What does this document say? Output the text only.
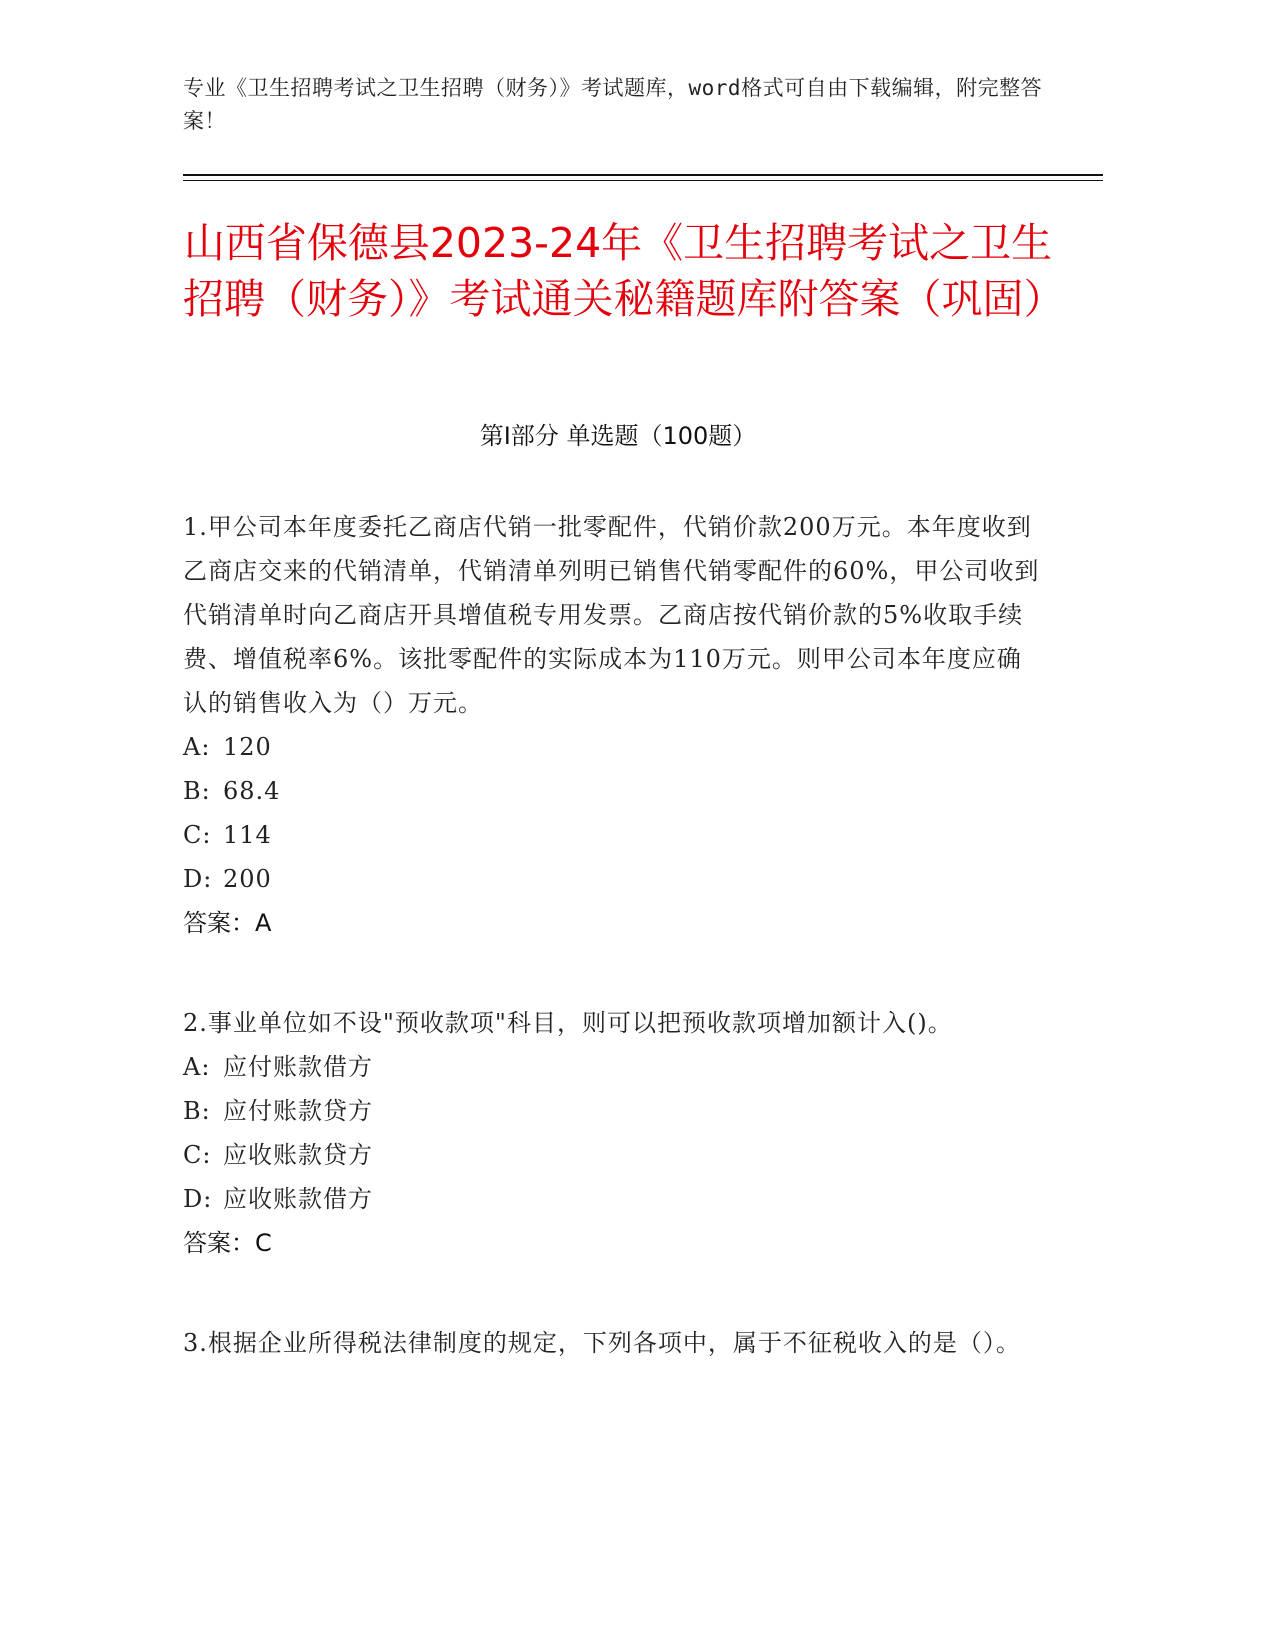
专业《卫生招聘考试之卫生招聘（财务）》考试题库，word格式可自由下载编辑，附完整答案！
山西省保德县2023-24年《卫生招聘考试之卫生招聘（财务）》考试通关秘籍题库附答案（巩固）
第Ⅰ部分 单选题（100题）

1.甲公司本年度委托乙商店代销一批零配件，代销价款200万元。本年度收到乙商店交来的代销清单，代销清单列明已销售代销零配件的60%，甲公司收到代销清单时向乙商店开具增值税专用发票。乙商店按代销价款的5%收取手续费、增值税率6%。该批零配件的实际成本为110万元。则甲公司本年度应确认的销售收入为（）万元。

A: 120

B: 68.4

C: 114

D: 200

答案：A

2.事业单位如不设"预收款项"科目，则可以把预收款项增加额计入()。

A: 应付账款借方

B: 应付账款贷方

C: 应收账款贷方

D: 应收账款借方

答案：C

3.根据企业所得税法律制度的规定，下列各项中，属于不征税收入的是（）。
